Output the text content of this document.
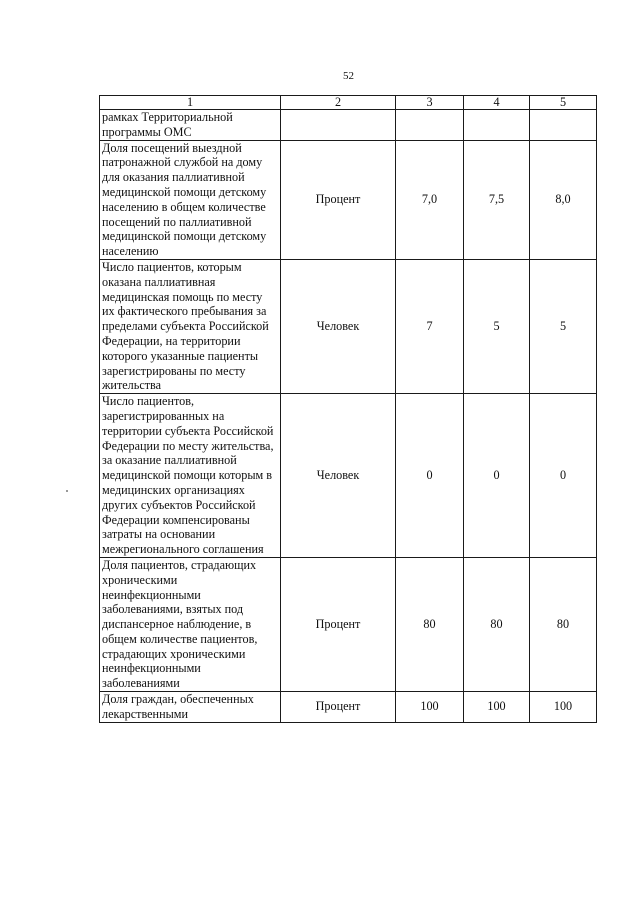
52
1	2	3	4	5
рамках Территориальной программы ОМС				
Доля посещений выездной патронажной службой на дому для оказания паллиативной медицинской помощи детскому населению в общем количестве посещений по паллиативной медицинской помощи детскому населению	Процент	7,0	7,5	8,0
Число пациентов, которым оказана паллиативная медицинская помощь по месту их фактического пребывания за пределами субъекта Российской Федерации, на территории которого указанные пациенты зарегистрированы по месту жительства	Человек	7	5	5
Число пациентов, зарегистрированных на территории субъекта Российской Федерации по месту жительства, за оказание паллиативной медицинской помощи которым в медицинских организациях других субъектов Российской Федерации компенсированы затраты на основании межрегионального соглашения	Человек	0	0	0
Доля пациентов, страдающих хроническими неинфекционными заболеваниями, взятых под диспансерное наблюдение, в общем количестве пациентов, страдающих хроническими неинфекционными заболеваниями	Процент	80	80	80
Доля граждан, обеспеченных лекарственными	Процент	100	100	100
